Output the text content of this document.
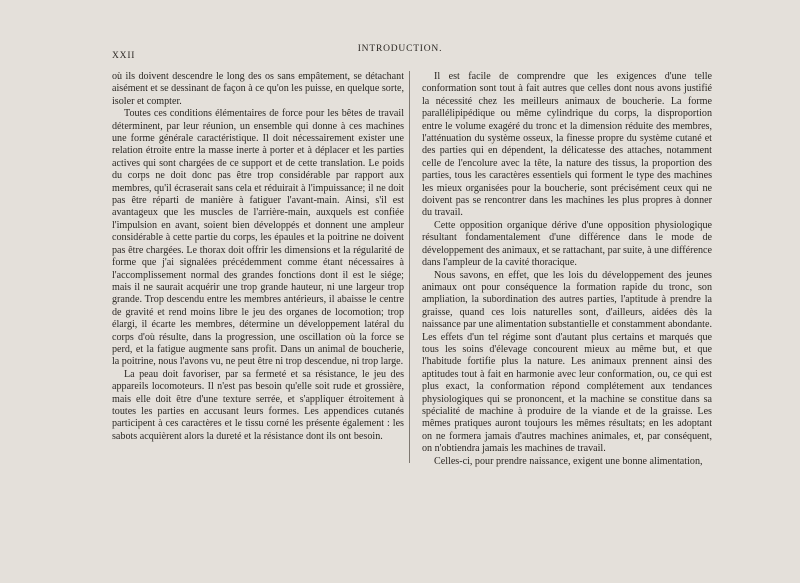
XXII
INTRODUCTION.

où ils doivent descendre le long des os sans empâtement, se détachant aisément et se dessinant de façon à ce qu'on les puisse, en quelque sorte, isoler et compter.

Toutes ces conditions élémentaires de force pour les bêtes de travail déterminent, par leur réunion, un ensemble qui donne à ces machines une forme générale caractéristique. Il doit nécessairement exister une relation étroite entre la masse inerte à porter et à déplacer et les parties actives qui sont chargées de ce support et de cette translation. Le poids du corps ne doit donc pas être trop considérable par rapport aux membres, qu'il écraserait sans cela et réduirait à l'impuissance; il ne doit pas être réparti de manière à fatiguer l'avant-main. Ainsi, s'il est avantageux que les muscles de l'arrière-main, auxquels est confiée l'impulsion en avant, soient bien développés et donnent une ampleur considérable à cette partie du corps, les épaules et la poitrine ne doivent pas être chargées. Le thorax doit offrir les dimensions et la régularité de forme que j'ai signalées précédemment comme étant nécessaires à l'accomplissement normal des grandes fonctions dont il est le siége; mais il ne saurait acquérir une trop grande hauteur, ni une largeur trop grande. Trop descendu entre les membres antérieurs, il abaisse le centre de gravité et rend moins libre le jeu des organes de locomotion; trop élargi, il écarte les membres, détermine un développement latéral du corps d'où résulte, dans la progression, une oscillation où la force se perd, et la fatigue augmente sans profit. Dans un animal de boucherie, la poitrine, nous l'avons vu, ne peut être ni trop descendue, ni trop large.

La peau doit favoriser, par sa fermeté et sa résistance, le jeu des appareils locomoteurs. Il n'est pas besoin qu'elle soit rude et grossière, mais elle doit être d'une texture serrée, et s'appliquer étroitement à toutes les parties en accusant leurs formes. Les appendices cutanés participent à ces caractères et le tissu corné les présente également : les sabots acquièrent alors la dureté et la résistance dont ils ont besoin.

Il est facile de comprendre que les exigences d'une telle conformation sont tout à fait autres que celles dont nous avons justifié la nécessité chez les meilleurs animaux de boucherie. La forme parallélipipédique ou même cylindrique du corps, la disproportion entre le volume exagéré du tronc et la dimension réduite des membres, l'atténuation du système osseux, la finesse propre du système cutané et des parties qui en dépendent, la délicatesse des attaches, notamment celle de l'encolure avec la tête, la nature des tissus, la proportion des parties, tous les caractères essentiels qui forment le type des machines les mieux organisées pour la boucherie, sont précisément ceux qui ne doivent pas se rencontrer dans les machines les plus propres à donner du travail.

Cette opposition organique dérive d'une opposition physiologique résultant fondamentalement d'une différence dans le mode de développement des animaux, et se rattachant, par suite, à une différence dans l'ampleur de la cavité thoracique.

Nous savons, en effet, que les lois du développement des jeunes animaux ont pour conséquence la formation rapide du tronc, son ampliation, la subordination des autres parties, l'aptitude à prendre la graisse, quand ces lois naturelles sont, d'ailleurs, aidées dès la naissance par une alimentation substantielle et constamment abondante. Les effets d'un tel régime sont d'autant plus certains et marqués que tous les soins d'élevage concourent mieux au même but, et que l'habitude fortifie plus la nature. Les animaux prennent ainsi des aptitudes tout à fait en harmonie avec leur conformation, ou, ce qui est plus exact, la conformation répond complétement aux tendances physiologiques qui se prononcent, et la machine se constitue dans sa spécialité de machine à produire de la viande et de la graisse. Les mêmes pratiques auront toujours les mêmes résultats; en les adoptant on ne formera jamais d'autres machines animales, et, par conséquent, on n'obtiendra jamais les machines de travail.

Celles-ci, pour prendre naissance, exigent une bonne alimentation,
